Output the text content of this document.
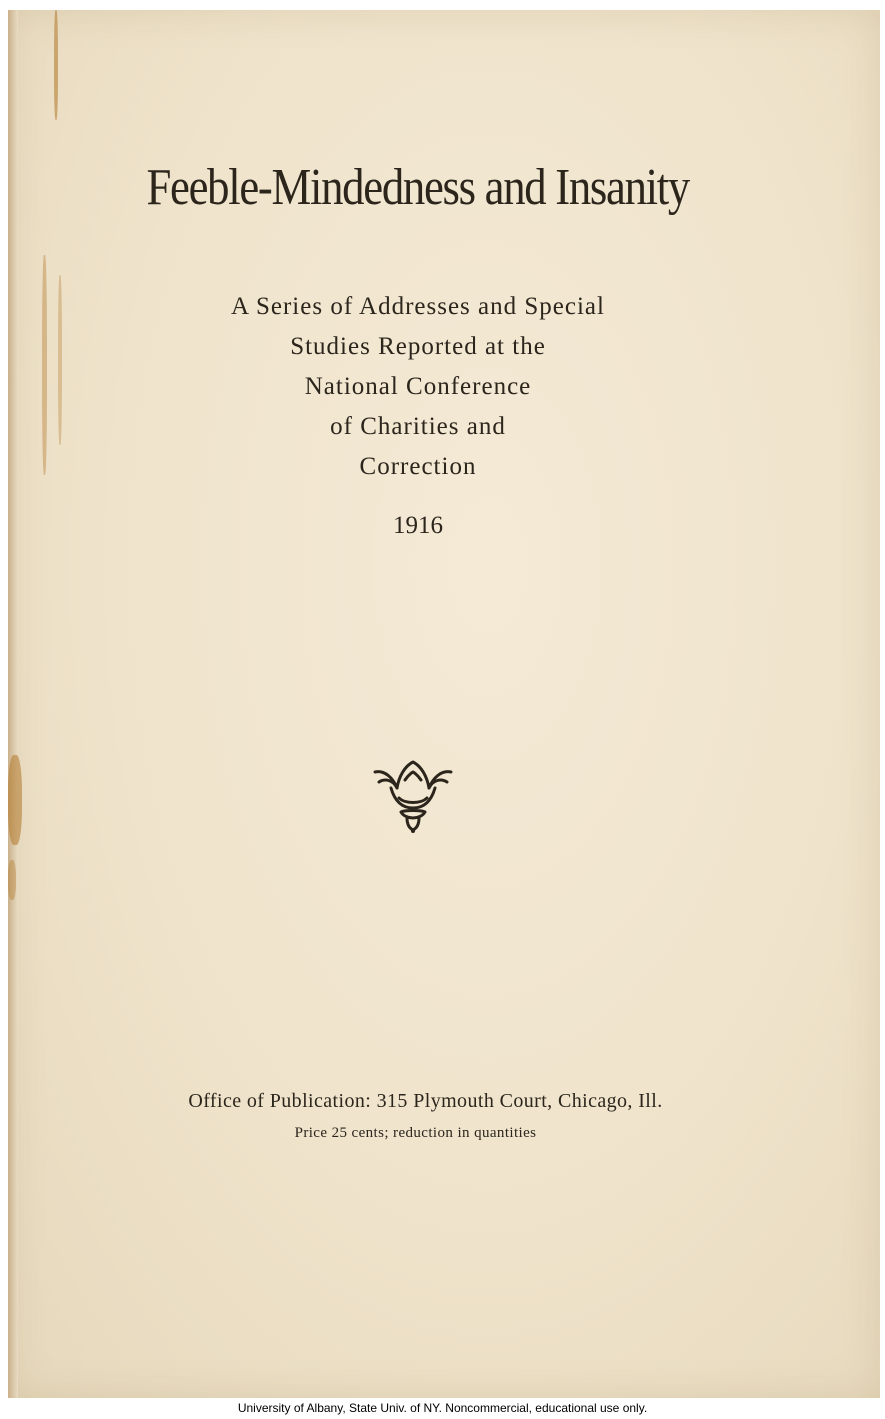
Feeble-Mindedness and Insanity
A Series of Addresses and Special
Studies Reported at the
National Conference
of Charities and
Correction
1916
Office of Publication: 315 Plymouth Court, Chicago, Ill.
Price 25 cents; reduction in quantities
University of Albany, State Univ. of NY. Noncommercial, educational use only.
